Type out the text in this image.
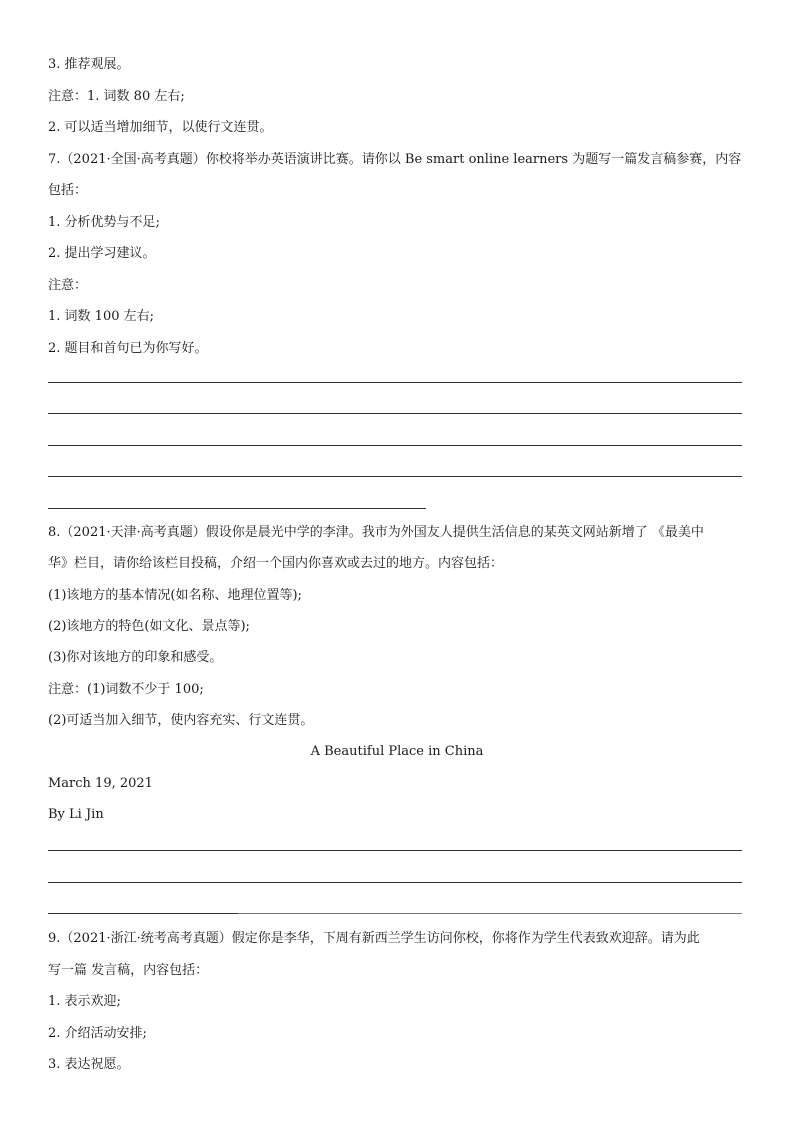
3. 推荐观展。
注意：1. 词数 80 左右;
2. 可以适当增加细节，以使行文连贯。
7.（2021·全国·高考真题）你校将举办英语演讲比赛。请你以 Be smart online learners 为题写一篇发言稿参赛，内容
包括：
1. 分析优势与不足;
2. 提出学习建议。
注意：
1. 词数 100 左右;
2. 题目和首句已为你写好。
8.（2021·天津·高考真题）假设你是晨光中学的李津。我市为外国友人提供生活信息的某英文网站新增了 《最美中
华》栏目，请你给该栏目投稿，介绍一个国内你喜欢或去过的地方。内容包括：
(1)该地方的基本情况(如名称、地理位置等);
(2)该地方的特色(如文化、景点等);
(3)你对该地方的印象和感受。
注意：(1)词数不少于 100;
(2)可适当加入细节，使内容充实、行文连贯。
A Beautiful Place in China
March 19, 2021
By Li Jin
9.（2021·浙江·统考高考真题）假定你是李华，下周有新西兰学生访问你校，你将作为学生代表致欢迎辞。请为此
写一篇 发言稿，内容包括：
1. 表示欢迎;
2. 介绍活动安排;
3. 表达祝愿。
